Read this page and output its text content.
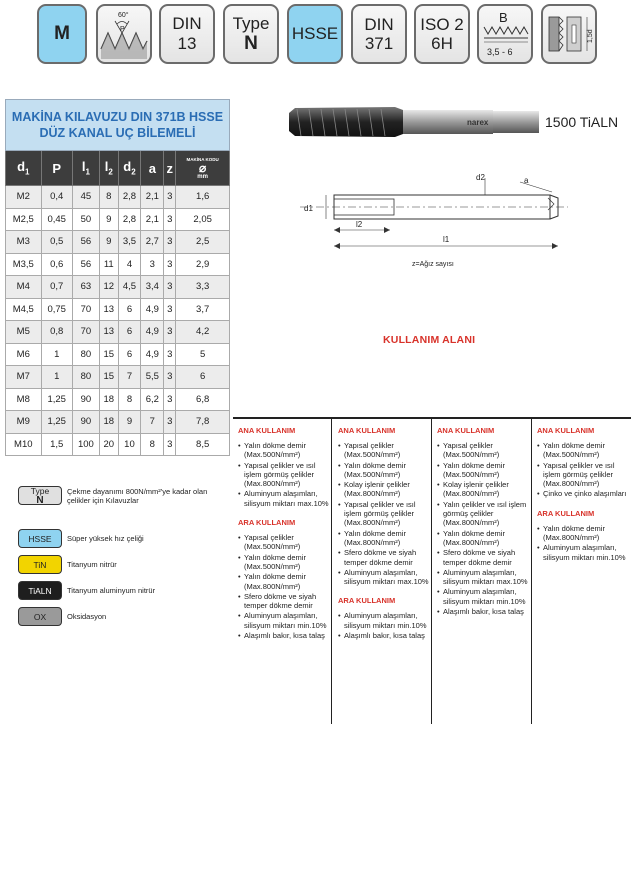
M
60°
P	DIN 13
Type
N HSSE DIN
371
ISO 2
6H
B
3,5 - 6
1,5d
MAKİNA KILAVUZU DIN 371B HSSE
DÜZ KANAL UÇ BİLEMELİ							

$d_1$	P	$l_1$	$l_2$	$d_2$	a	z	MAKİNA KODU
⌀
mm

M2	0,4	45	8	2,8	2,1	3	1,6
M2,5	0,45	50	9	2,8	2,1	3	2,05
M3	0,5	56	9	3,5	2,7	3	2,5
M3,5	0,6	56	11	4	3	3	2,9
M4	0,7	63	12	4,5	3,4	3	3,3
M4,5	0,75	70	13	6	4,9	3	3,7
M5	0,8	70	13	6	4,9	3	4,2
M6	1	80	15	6	4,9	3	5
M7	1	80	15	7	5,5	3	6
M8	1,25	90	18	8	6,2	3	6,8
M9	1,25	90	18	9	7	3	7,8
M10	1,5	100	20	10	8	3	8,5
Type
N
Çekme dayanımı 800N/mm²'ye kadar olan çelikler için Kılavuzlar
HSSE Süper yüksek hız çeliği
TiN	Titanyum nitrür
TiALN Titanyum aluminyum nitrür
OX	Oksidasyon
narex	1500 TiALN
d1
d2	a
l2
l1
z=Ağız sayısı
KULLANIM ALANI
ANA KULLANIM
• Yalın dökme demir (Max.500N/mm²)
• Yapısal çelikler ve ısıl işlem görmüş çelikler (Max.800N/mm²)
• Aluminyum alaşımları, silisyum miktarı max.10%
ARA KULLANIM
• Yapısal çelikler (Max.500N/mm²)
• Yalın dökme demir (Max.500N/mm²)
• Yalın dökme demir (Max.800N/mm²)
• Sfero dökme ve siyah temper dökme demir
• Aluminyum alaşımları, silisyum miktarı min.10%
• Alaşımlı bakır, kısa talaş
ANA KULLANIM
• Yapısal çelikler (Max.500N/mm²)
• Yalın dökme demir (Max.500N/mm²)
• Kolay işlenir çelikler (Max.800N/mm²)
• Yapısal çelikler ve ısıl işlem görmüş çelikler (Max.800N/mm²)
• Yalın dökme demir (Max.800N/mm²)
• Sfero dökme ve siyah temper dökme demir
• Aluminyum alaşımları, silisyum miktarı max.10%
ARA KULLANIM
• Aluminyum alaşımları, silisyum miktarı min.10%
• Alaşımlı bakır, kısa talaş
ANA KULLANIM
• Yapısal çelikler (Max.500N/mm²)
• Yalın dökme demir (Max.500N/mm²)
• Kolay işlenir çelikler (Max.800N/mm²)
• Yalın çelikler ve ısıl işlem görmüş çelikler (Max.800N/mm²)
• Yalın dökme demir (Max.800N/mm²)
• Sfero dökme ve siyah temper dökme demir
• Aluminyum alaşımları, silisyum miktarı max.10%
• Aluminyum alaşımları, silisyum miktarı min.10%
• Alaşımlı bakır, kısa talaş
ANA KULLANIM
• Yalın dökme demir (Max.500N/mm²)
• Yapısal çelikler ve ısıl işlem görmüş çelikler (Max.800N/mm²)
• Çinko ve çinko alaşımları
ARA KULLANIM
• Yalın dökme demir (Max.800N/mm²)
• Aluminyum alaşımları, silisyum miktarı min.10%
